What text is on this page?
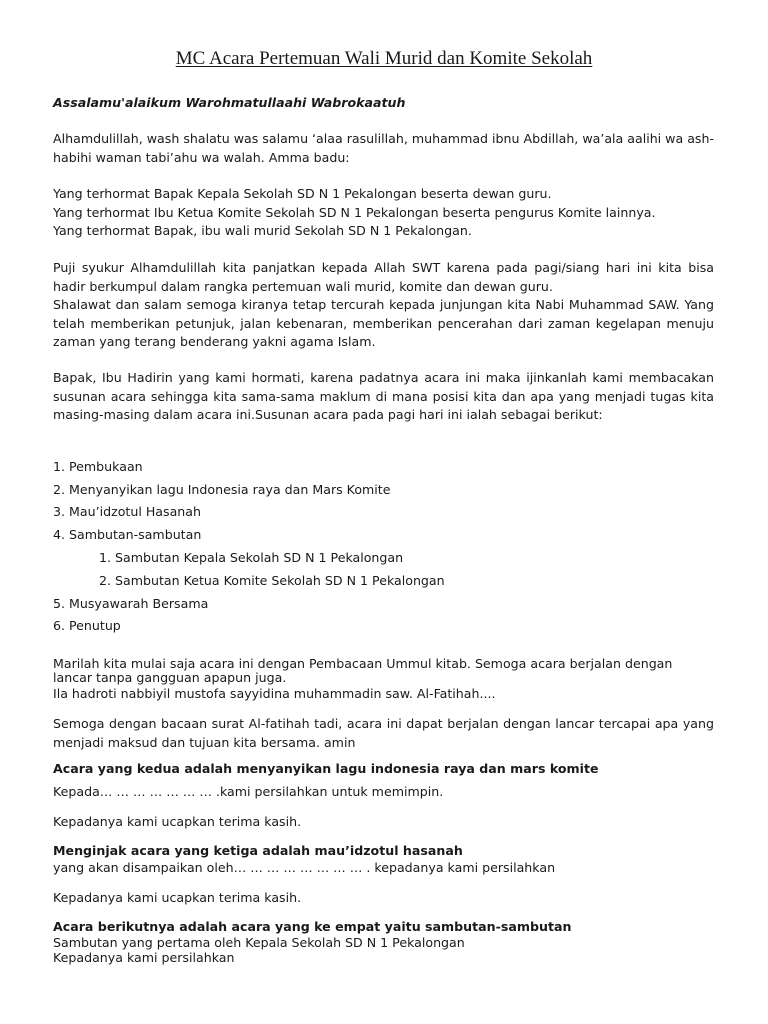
MC Acara Pertemuan Wali Murid dan Komite Sekolah

Assalamu'alaikum Warohmatullaahi Wabrokaatuh

Alhamdulillah, wash shalatu was salamu ‘alaa rasulillah, muhammad ibnu Abdillah, wa’ala aalihi wa ash-habihi waman tabi’ahu wa walah. Amma badu:

Yang terhormat Bapak Kepala Sekolah SD N 1 Pekalongan beserta dewan guru.

Yang terhormat Ibu Ketua Komite Sekolah SD N 1 Pekalongan beserta pengurus Komite lainnya.

Yang terhormat Bapak, ibu wali murid Sekolah SD N 1 Pekalongan.

Puji syukur Alhamdulillah kita panjatkan kepada Allah SWT karena pada pagi/siang hari ini kita bisa hadir berkumpul dalam rangka pertemuan wali murid, komite dan dewan guru.

Shalawat dan salam semoga kiranya tetap tercurah kepada junjungan kita Nabi Muhammad SAW. Yang telah memberikan petunjuk, jalan kebenaran, memberikan pencerahan dari zaman kegelapan menuju zaman yang terang benderang yakni agama Islam.

Bapak, Ibu Hadirin yang kami hormati, karena padatnya acara ini maka ijinkanlah kami membacakan susunan acara sehingga kita sama-sama maklum di mana posisi kita dan apa yang menjadi tugas kita masing-masing dalam acara ini.Susunan acara pada pagi hari ini ialah sebagai berikut:

1. Pembukaan

2. Menyanyikan lagu Indonesia raya dan Mars Komite

3. Mau’idzotul Hasanah

4. Sambutan-sambutan

1. Sambutan Kepala Sekolah SD N 1 Pekalongan

2. Sambutan Ketua Komite Sekolah SD N 1 Pekalongan

5. Musyawarah Bersama

6. Penutup

Marilah kita mulai saja acara ini dengan Pembacaan Ummul kitab. Semoga acara berjalan dengan

lancar tanpa gangguan apapun juga.

Ila hadroti nabbiyil mustofa sayyidina muhammadin saw. Al-Fatihah....

Semoga dengan bacaan surat Al-fatihah tadi, acara ini dapat berjalan dengan lancar tercapai apa yang menjadi maksud dan tujuan kita bersama. amin

Acara yang kedua adalah menyanyikan lagu indonesia raya dan mars komite

Kepada… … … … … … … .kami persilahkan untuk memimpin.

Kepadanya kami ucapkan terima kasih.

Menginjak acara yang ketiga adalah mau’idzotul hasanah

yang akan disampaikan oleh… … … … … … … … . kepadanya kami persilahkan

Kepadanya kami ucapkan terima kasih.

Acara berikutnya adalah acara yang ke empat yaitu sambutan-sambutan

Sambutan yang pertama oleh Kepala Sekolah SD N 1 Pekalongan

Kepadanya kami persilahkan
